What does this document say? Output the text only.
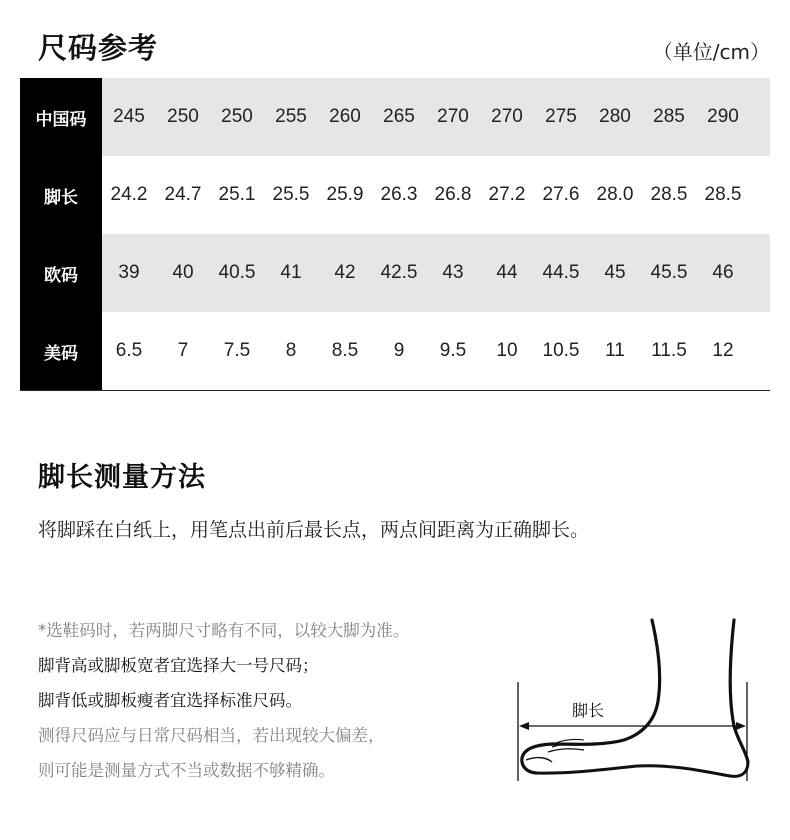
尺码参考	（单位/cm）
中国码	245	250	250	255	260	265	270	270	275	280	285	290
脚长	24.2 24.7 25.1 25.5 25.9 26.3 26.8 27.2 27.6 28.0 28.5 28.5
欧码	39	40	40.5	41	42	42.5	43	44	44.5	45	45.5	46
美码	6.5	7	7.5	8	8.5	9	9.5	10	10.5	11	11.5	12
脚长测量方法
将脚踩在白纸上，用笔点出前后最长点，两点间距离为正确脚长。
*选鞋码时，若两脚尺寸略有不同，以较大脚为准。
脚背高或脚板宽者宜选择大一号尺码；
脚背低或脚板瘦者宜选择标准尺码。
测得尺码应与日常尺码相当，若出现较大偏差，
则可能是测量方式不当或数据不够精确。
脚长
